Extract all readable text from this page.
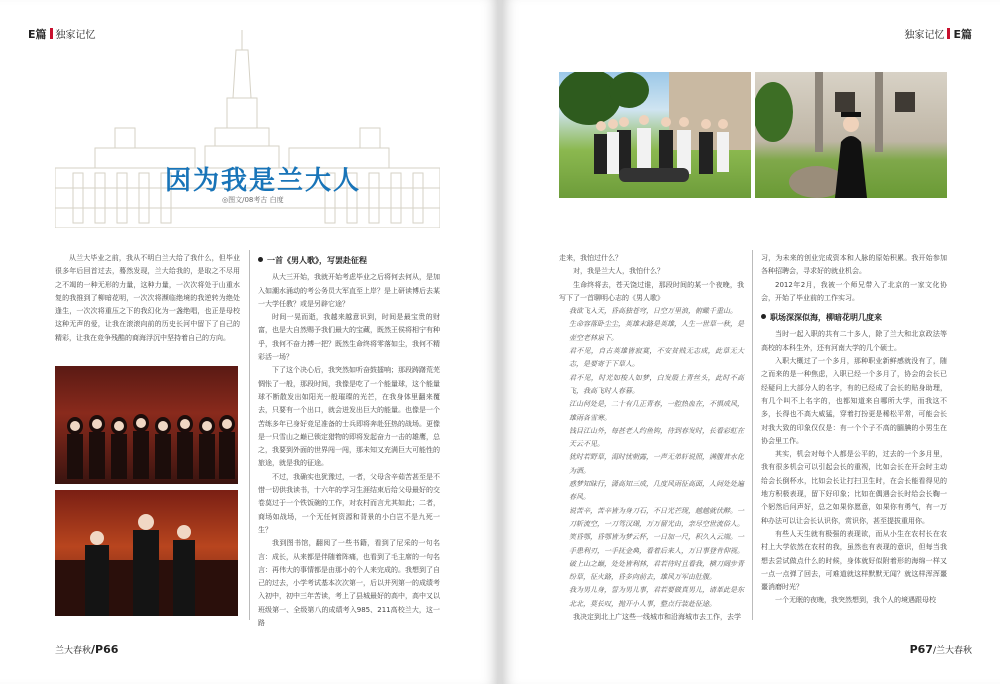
E篇 独家记忆
因为我是兰大人
◎图文/08考古 白度

从兰大毕业之前，我从不明白兰大给了我什么，但毕业很多年后回首过去，蓦然发现，兰大给我的，是取之不尽用之不竭的一种无形的力量，这种力量，一次次将处于山重水复的我推到了柳暗花明，一次次将濒临绝境的我逆转为绝处逢生，一次次将重压之下的我幻化为一盏绝唱，也正是母校这种无声的爱，让我在滚滚向前的历史长河中留下了自己的精彩，让我在竞争残酷的商海浮沉中坚持着自己的方向。

一首《男人歌》，写罢赴征程

从大三开始，我就开始考虑毕业之后将何去何从，是加入如潮水涌动的考公务员大军直至上岸？是上研读博后去某一大学任教？或是另辟它途？

时间一晃而逝，我越来越意识到，时间是最宝贵的财富，也是大自然赐予我们最大的宝藏，既然王侯将相宁有种乎，我何不奋力搏一把？既然生命终将零落如尘，我何不精彩活一场？

下了这个决心后，我突然如听奋鼓擂响；那段踌躇荒芜惆怅了一般，那段时间，我像是吃了一个能量球，这个能量球不断散发出如阳光一般璀璨的光芒，在我身体里翻来覆去，只要有一个出口，就会迸发出巨大的能量。也像是一个苦练多年已身好竞足准备的士兵即将奔赴狂热的战场。更像是一只雪山之巅已锁定猎物的即将发起奋力一击的雄鹰，总之，我要到外面的世界闯一闯，那未知又充满巨大可能性的旅途，就是我的征途。

不过，我确实也犹豫过，一者，父母含辛茹苦甚至是不惜一切供我读书，十六年的学习生涯结束后给父母最好的交卷莫过于一个铁饭碗的工作，对农村而言尤其如此；二者，商场如战场，一个无任何资源和背景的小白岂不是九死一生？

我到图书馆，翻阅了一些书籍，看到了尼采的一句名言：成长，从来都是伴随着阵痛，也看到了毛主席的一句名言：再伟大的事情都是由那小的个人来完成的。我想到了自己的过去，小学考试基本次次第一，后以并列第一的成绩考入初中，初中三年苦读，考上了县城最好的高中，高中又以班级第一、全级第八的成绩考入985、211高校兰大，这一路

兰大春秋/P66
独家记忆 E篇

走来，我怕过什么？

对，我是兰大人，我怕什么？

生命终将去，苍天饶过谁，那段时间的某一个夜晚，我写下了一首聊明心志的《男人歌》

我欲飞入天，昏高独苍穹，日空万里浪，俯瞰千重山。

生命容落卧尘尘，英雄末路是英雄，人生一世草一秋，是壶空老林泉下。

君不见，自古英雄皆寂寞，不安贫贱无志成，此草无大志，是要寄于下草人。

君不见，时光如梭人如梦，白发殷上青丝头，此时不高飞，我高飞时人春暮。

江山何处是，二十有几正青春，一腔热血在，不惧成风，雄雨各雪寒。

钱目江山外，每甚老人约鱼钩，待到春发时，长看彩虹在天云不见。

犹时若野草，渴时忧朝露，一声无弟轩说照，满腹昔水化为酒。

惑梦知昧行，潇高知三成，几度风雨征高面，人间处处遍春风。

说苦辛，苦辛皆为身刀石，不日光芒现，越越就伏醉。一刀斩流空，一刀驾汉瑚，万万留光由，亲尽空世流俗人。

笑昏鄂，昏鄂皆为梦云杯，一日加一尺，积久入云端。一手患利刃，一手抚金典，看着后来人，万日事登肯仰视。

破上山之巅，处处皆利林，君若待时且看我，横刀阔步青纷草，征火路，昏多向前去，雄风万军由肚腹。

我为男儿身，誓为男儿事，君若要做真男儿，请革此是东北北，莫长叹，抛开小人事，整点行装赴征途。

我决定到北上广这些一线城市和沿海城市去工作，去学

习，为未来的创业完成资本和人脉的原始积累。我开始参加各种招聘会，寻求好的就业机会。

2012年2月，我被一个师兄带入了北京的一家文化协会，开始了毕业前的工作实习。

职场深深似海，柳暗花明几度来

当时一起入职的共有二十多人，除了兰大和北京政法等高校的本科生外，还有河南大学的几个硕士。

入职大概过了一个多月，那种职业新鲜感就没有了，随之而来的是一种焦虑，入职已经一个多月了，协会的会长已经疑问上大部分人的名字，有的已经成了会长的贴身助理，有几个叫不上名字的，也都知道来自哪所大学，而我这不多，长得也不高大威猛，穿着打扮更是稀松平常，可能会长对我大致的印象仅仅是：有一个个子不高的腼腆的小男生在协会里工作。

其实，机会对每个人都是公平的，过去的一个多月里，我有很多机会可以引起会长的重视，比如会长在开会时主动给会长倒杯水，比如会长让打扫卫生时，在会长能看得见的地方积极表现，留下好印象；比如在偶遇会长时给会长鞠一个躬然后问声好，总之如果你愿意，如果你有勇气，有一万种办法可以让会长认识你，赏识你，甚至提拔重用你。

有些人天生就有极强的表现欲，而从小生在农村长在农村上大学依然在农村的我，虽然也有表现的意识，但每当我想去尝试做点什么的时候，身体就好似附着形的海绵一样又一点一点弹了回去，可难道就这样默默无闻？就这样浑浑噩噩消磨时光？

一个无眠的夜晚，我突然想到，我个人的境遇跟母校

P67/兰大春秋
